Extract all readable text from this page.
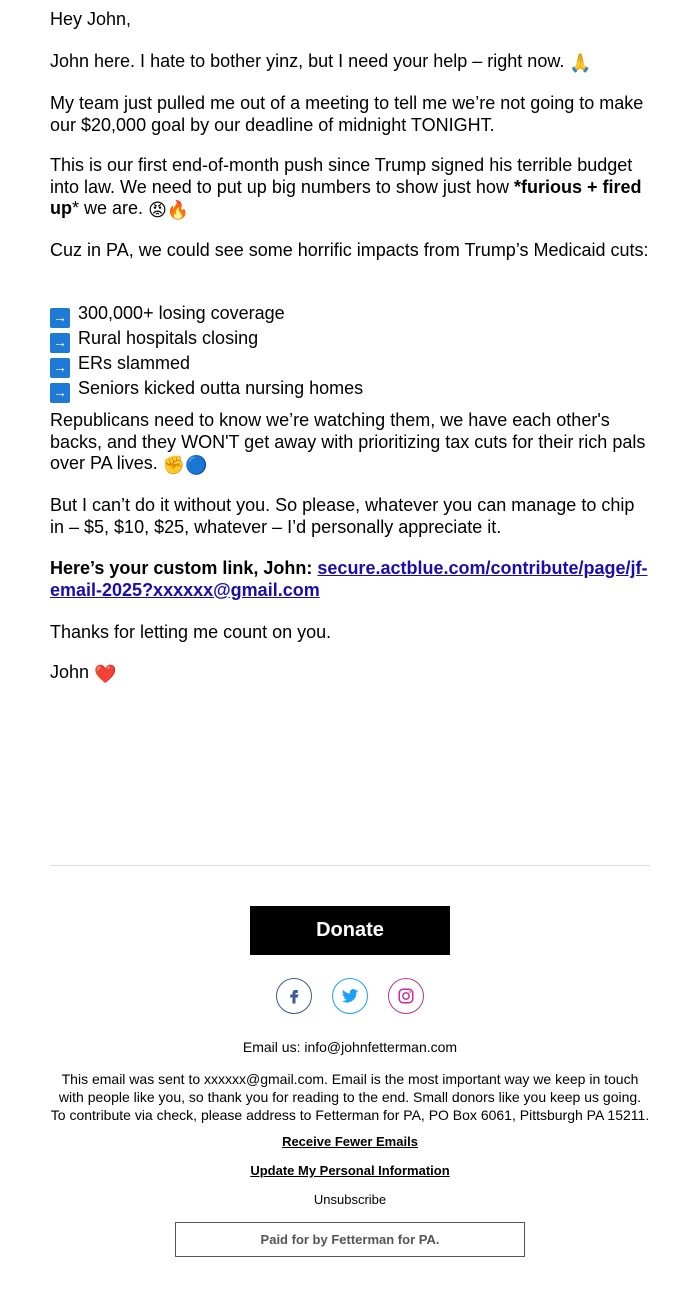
Hey John,

John here. I hate to bother yinz, but I need your help – right now. 🙏

My team just pulled me out of a meeting to tell me we’re not going to make our $20,000 goal by our deadline of midnight TONIGHT.

This is our first end-of-month push since Trump signed his terrible budget into law. We need to put up big numbers to show just how *furious + fired up* we are. 😡🔥

Cuz in PA, we could see some horrific impacts from Trump’s Medicaid cuts:

→ 300,000+ losing coverage
→ Rural hospitals closing
→ ERs slammed
→ Seniors kicked outta nursing homes

Republicans need to know we’re watching them, we have each other's backs, and they WON'T get away with prioritizing tax cuts for their rich pals over PA lives. ✊🔵

But I can’t do it without you. So please, whatever you can manage to chip in – $5, $10, $25, whatever – I’d personally appreciate it.

Here’s your custom link, John: secure.actblue.com/contribute/page/jf-email-2025?xxxxxx@gmail.com

Thanks for letting me count on you.

John ❤️

Donate
Email us: info@johnfetterman.com
This email was sent to xxxxxx@gmail.com. Email is the most important way we keep in touch with people like you, so thank you for reading to the end. Small donors like you keep us going. To contribute via check, please address to Fetterman for PA, PO Box 6061, Pittsburgh PA 15211.
Receive Fewer Emails
Update My Personal Information
Unsubscribe
Paid for by Fetterman for PA.
